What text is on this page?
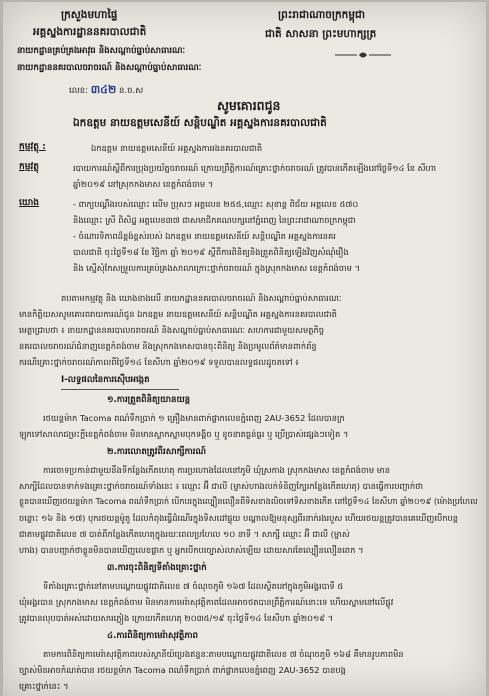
ក្រសួងមហាផ្ទៃ
អគ្គស្នងការដ្ឋាននគរបាលជាតិ
នាយកដ្ឋានគ្រប់គ្រងអាវុធ និងសណ្ដាប់ធ្នាប់សាធារណៈ
នាយកដ្ឋាននគរបាលចរាចរណ៍ និងសណ្ដាប់ធ្នាប់សាធារណៈ
លេខ: ៣៤២ ន.ច.ស
ព្រះរាជាណាចក្រកម្ពុជា
ជាតិ សាសនា ព្រះមហាក្សត្រ
សូមគោរពជូន
ឯកឧត្តម នាយឧត្តមសេនីយ៍ សន្តិបណ្ឌិត អគ្គស្នងការនគរបាលជាតិ
កម្មវត្ថុ :	ឯកឧត្តម នាយឧត្តមសេនីយ៍ អគ្គស្នងការរងនគរបាលជាតិ
កម្មវត្ថុ	របាយការណ៍ស្ដីពីការប្រុងប្រយ័ត្នចរាចរណ៍ ក្រោយព្រឹត្តិការណ៍គ្រោះថ្នាក់ចរាចរណ៍ ត្រូវបានកើតឡើងនៅថ្ងៃទី១៤ ខែ សីហា
ឆ្នាំ២០១៩ នៅស្រុកកងមាស ខេត្តកំពង់ចាម ។
យោង	- ពាក្យបណ្ដឹងរបស់ឈ្មោះ លើម ប្រុសៗ អត្តលេខ ២៥៥,ឈ្មោះ សុខាន្ត ពិជ័យ អត្តលេខ ៥៧០
និងឈ្មោះ ស្រី ពិសិដ្ឋ អត្តលេខ៣៧ ជាសមាជិកគណបក្សនៅភ្នំពេញ នៃព្រះរាជាណាចក្រកម្ពុជា
- ចំណារទិភាពដ៏ខ្ពង់ខ្ពស់របស់ ឯកឧត្តម នាយឧត្តមសេនីយ៍ សន្តិបណ្ឌិត អគ្គស្នងការនគរ
បាលជាតិ ចុះថ្ងៃទី១៨ ខែ វិច្ឆិកា ឆ្នាំ ២០១៩ ស្ដីពីការពិនិត្យនិងត្រួតពិនិត្យឡើងវិញសំណុំរឿង
និង ស្នើសុំកែសម្រួលការគ្រប់គ្រងសាលាក្រោះថ្នាក់ចរាចរណ៍ ក្នុងស្រុកកងមាស ខេត្តកំពង់ចាម ។
តបតាមកម្មវត្ថុ និង យោងខាងលើ នាយកដ្ឋាននគរបាលចរាចរណ៍ និងសណ្ដាប់ធ្នាប់សាធារណៈ
មានកិត្តិយសសូមគោរពរាយការណ៍ជូន ឯកឧត្តម នាយឧត្តមសេនីយ៍ សន្តិបណ្ឌិត អគ្គស្នងការនគរបាលជាតិ
មេត្តាជ្រាបថា ៖ នាយកដ្ឋាននគរបាលចរាចរណ៍ និងសណ្ដាប់ធ្នាប់សាធារណៈ សហការជាមួយសមត្ថកិច្ច
នគរបាលចរាចរណ៍ជំនាញខេត្តកំពង់ចាម និងស្រុកកងមាសបានចុះពិនិត្យ និងប្រមូលព័ត៌មានពាក់ព័ន្ធ
ករណីគ្រោះថ្នាក់ចរាចរណ៍កាលពីថ្ងៃទី១៤ ខែសីហា ឆ្នាំ២០១៩ ទទួលបានលទ្ធផលដូចតទៅ ៖
I-លទ្ធផលនៃការស៊ើបអង្កេត
១.ការត្រួតពិនិត្យយានយន្ត
រថយន្តម៉ាក Tacoma ពណ៌ទឹកប្រាក់ ១ គ្រឿងមានពាក់ផ្លាកលេខភ្នំពេញ 2AU-3652 ដែលបានក្រ
ឡុកទៅសាលាជម្រះក្ដីខេត្តកំពង់ចាម មិនមានស្លាកស្នាមបុកទង្គិច ឬ ខូចខាតធ្ងន់ធ្ងរ ឬ ប្រើប្រាស់ផ្សេងៗទៀត ។
២.ការលោតត្រូវពីរសាក្សីការណ៍
ការចោទប្រកាន់ជាមួយនឹងទីកន្លែងកើតហេតុ ការប្រហោងដែលនៅភូមិ ឃុំស្រកាង ស្រុកកងមាស ខេត្តកំពង់ចាម មាន
សាក្សីដែលបានទាក់ទងគ្រោះថ្នាក់ចរាចរណ៍ទាំងនេះ ៖ ឈ្មោះ អ៊ី ជាលី (ម្ចាស់ហាងលក់ទំនិញក្បែរកន្លែងកើតហេតុ) បានធ្វើការបញ្ជាក់ថា
ខ្លួនបានឃើញរថយន្តម៉ាក Tacoma ពណ៌ទឹកប្រាក់ បើកបរក្នុងល្បឿនលឿនពីទិសខាងលិចទៅទិសខាងកើត នៅថ្ងៃទី១៤ ខែសីហា ឆ្នាំ២០១៩ (ម៉ោងប្រហែល
ចន្លោះ ១៦ និង ១៧) បុករថយន្តម៉ូតូ ដែលកំពុងធ្វើដំណើរក្នុងទិសដៅផ្ទុយ បណ្ដាលឱ្យមនុស្សពីរនាក់រងរបួស ហើយរថយន្តត្រូវបានគេឃើញបើកបន្ត
ជាតាមផ្លូវជាតិលេខ ៧ បាត់ពីកន្លែងកើតហេតុក្នុងរយៈពេលប្រហែល ១០ នាទី ។ សាក្សី ឈ្មោះ អ៊ី ជាលី (ម្ចាស់
ហាង) បានបញ្ជាក់ថាខ្លួនមិនបានឃើញលេខផ្លាក ឬ អ្នកបើកបរច្បាស់លាស់ឡើយ ដោយសារតែល្បឿនលឿនពេក ។
៣.ការចុះពិនិត្យទីតាំងគ្រោះថ្នាក់
ទីតាំងគ្រោះថ្នាក់នៅតាមបណ្ដោយផ្លូវជាតិលេខ ៧ ចំណុចភូមិ ១៦៧ ដែលស្ថិតនៅក្នុងភូមិអង្គរបាទី ៥
ឃុំអង្គរបាន ស្រុកកងមាស ខេត្តកំពង់ចាម មិនមានកាមេរ៉ាសុវត្ថិភាពដែលអាចថតបានព្រឹត្តិការណ៍នោះទេ ហើយស្នាមនៅលើផ្លូវ
ត្រូវបានលុបបាត់អស់ដោយសារភ្លៀង ក្រោយកើតហេតុ ២០៣៥/១៩ ចុះថ្ងៃទី១៤ ខែសីហា ឆ្នាំ២០១៩ ។
៤.ការពិនិត្យកាមេរ៉ាសុវត្ថិភាព
តាមការពិនិត្យកាមេរ៉ាសុវត្ថិភាពរបស់ស្ថានីយ៍ប្រេងឥន្ធនៈតាមបណ្ដោយផ្លូវជាតិលេខ ៧ ចំណុចភូមិ ១៦៨ គឺមានរូបភាពមិន
ច្បាស់មិនអាចកំណត់បាន រថយន្តម៉ាក Tacoma ពណ៌ទឹកប្រាក់ ពាក់ផ្លាកលេខភ្នំពេញ 2AU-3652 បានបង្ក
គ្រោះថ្នាក់នេះ ។
